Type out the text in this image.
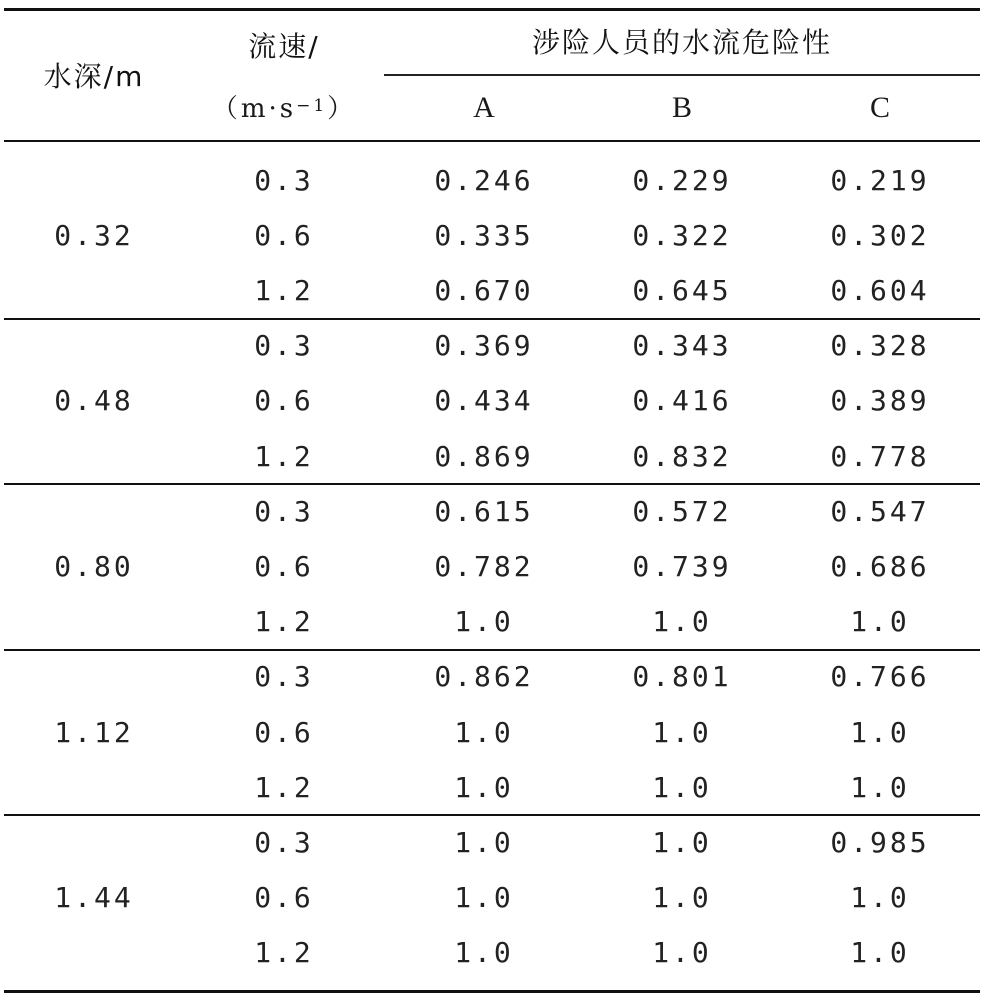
水深/m
流速/
（m·s −1 ）
涉险人员的水流危险性
A	B	C
0.32
0.3	0.246	0.229	0.219
0.6	0.335	0.322	0.302
1.2	0.670	0.645	0.604
0.48
0.3	0.369	0.343	0.328
0.6	0.434	0.416	0.389
1.2	0.869	0.832	0.778
0.80
0.3	0.615	0.572	0.547
0.6	0.782	0.739	0.686
1.2	1.0	1.0	1.0
1.12
0.3	0.862	0.801	0.766
0.6	1.0	1.0	1.0
1.2	1.0	1.0	1.0
1.44
0.3	1.0	1.0	0.985
0.6	1.0	1.0	1.0
1.2	1.0	1.0	1.0
